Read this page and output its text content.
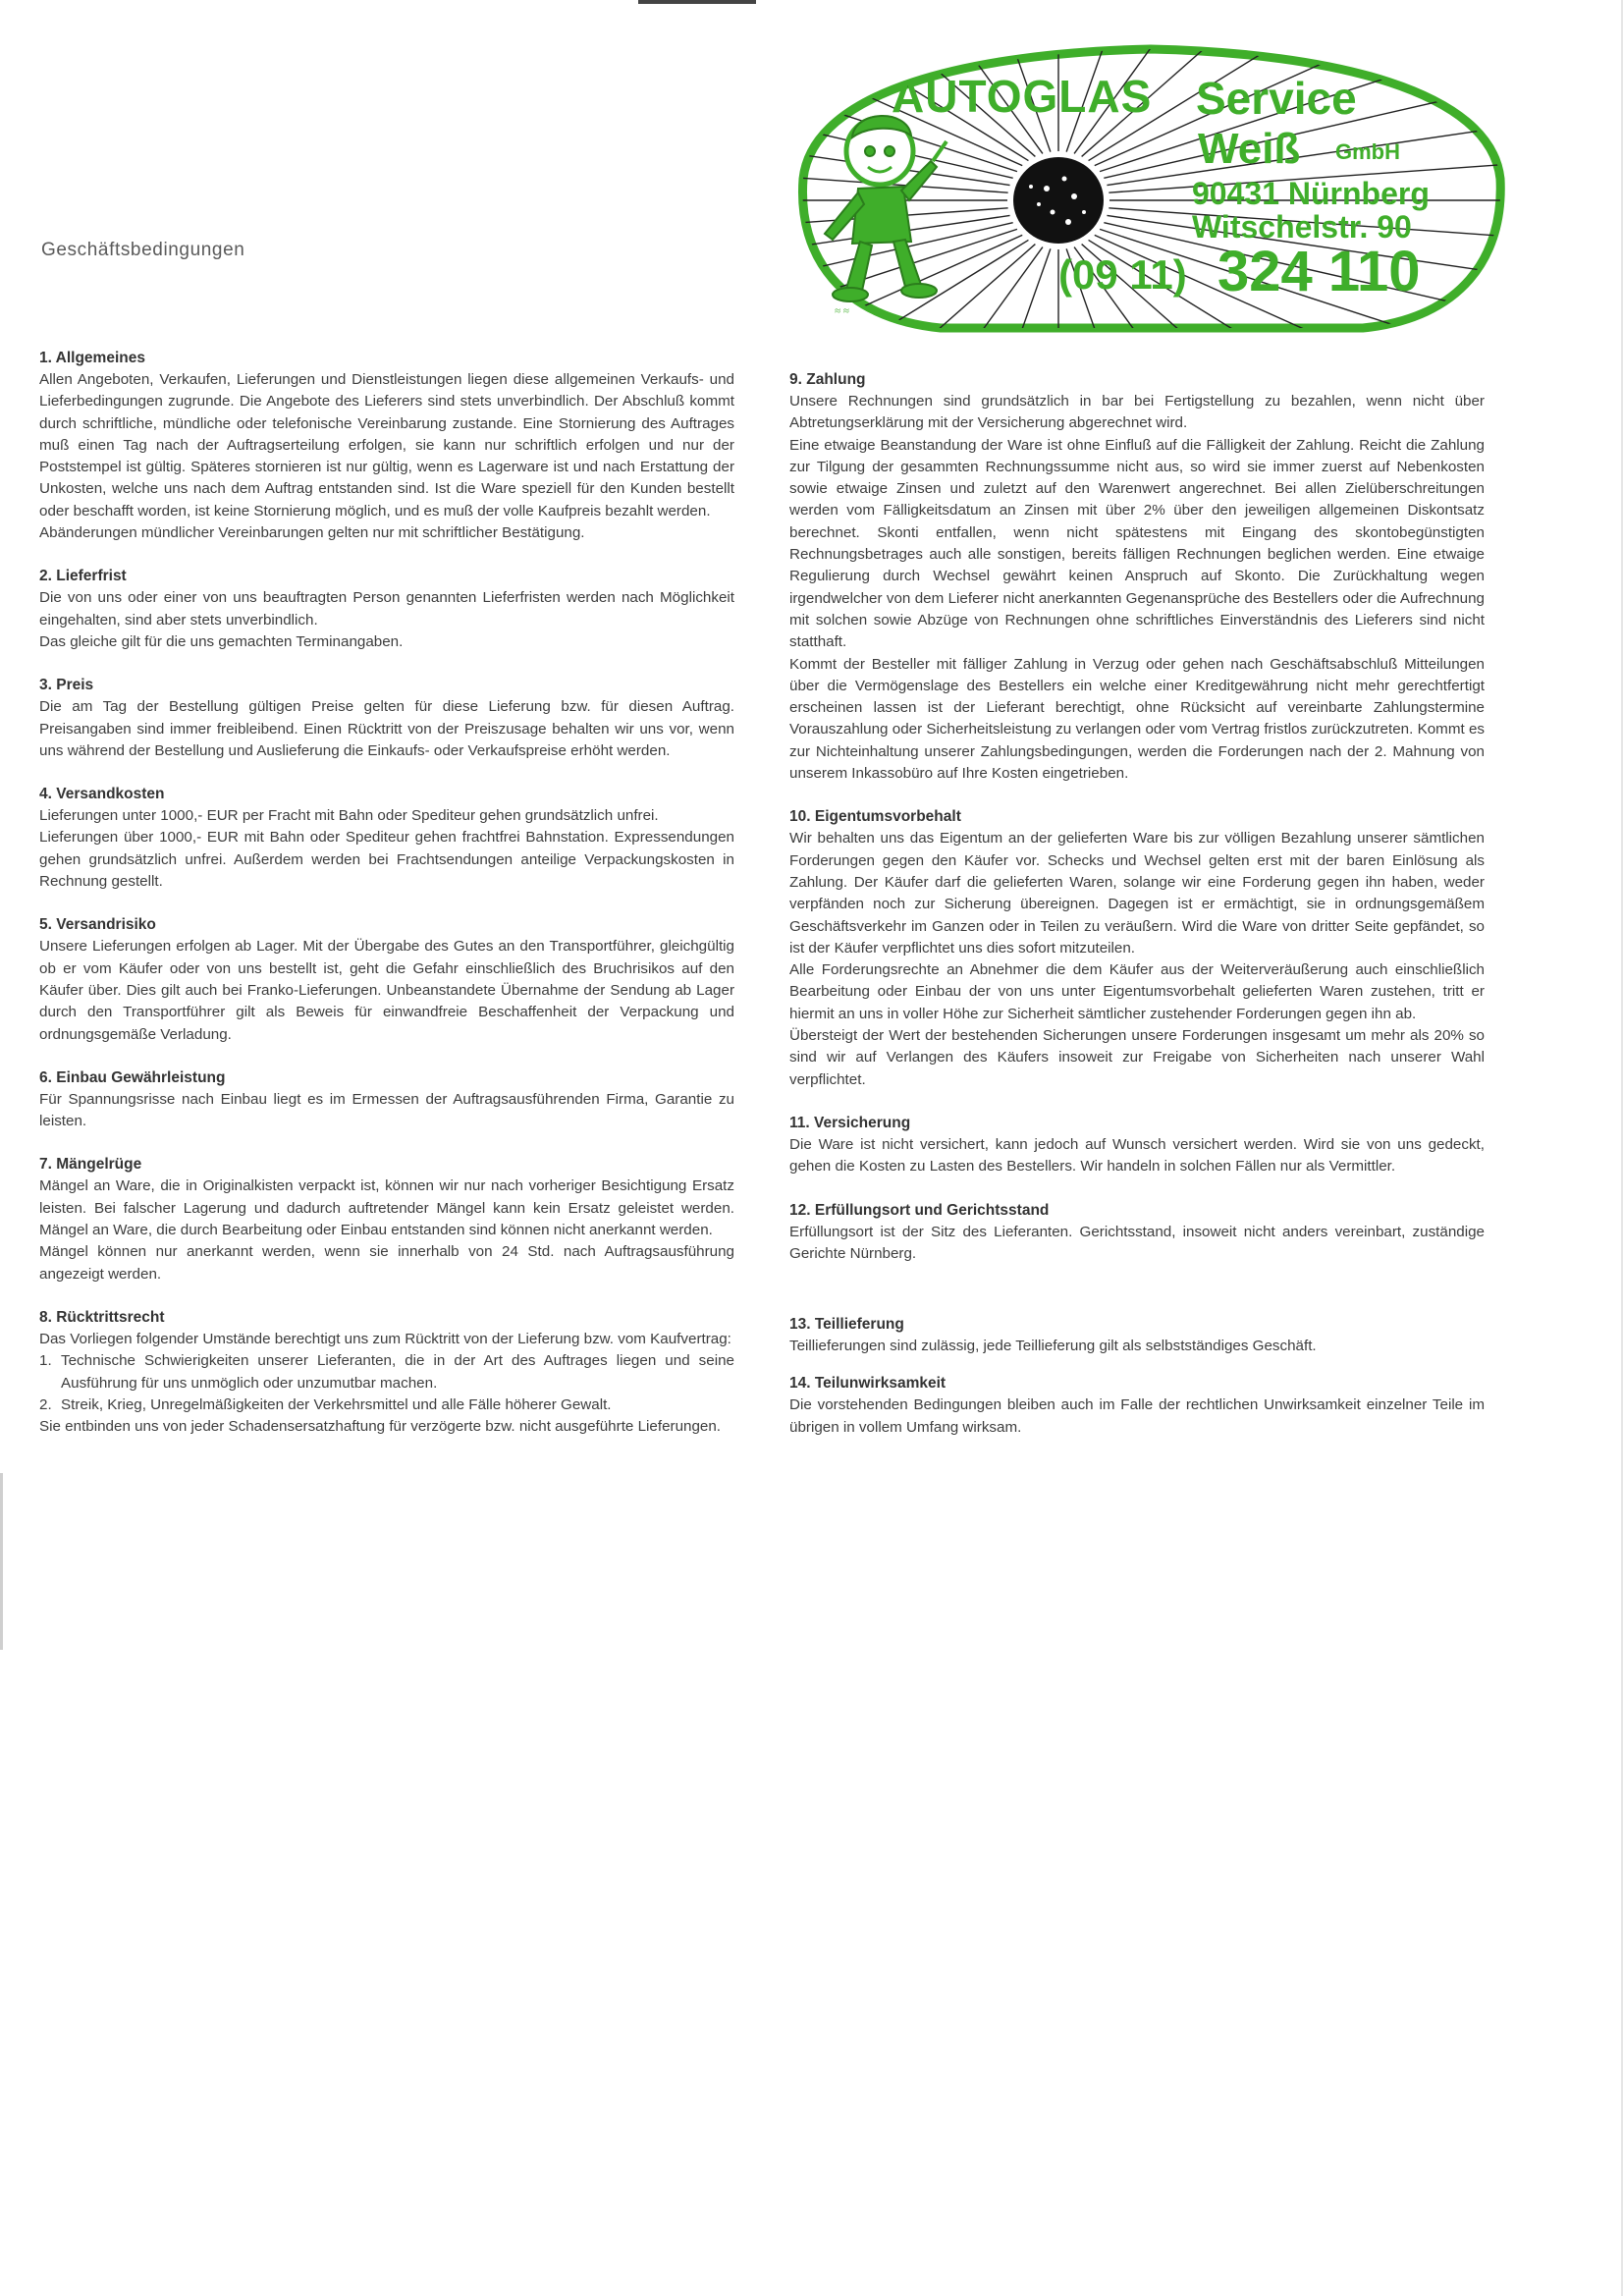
≈ ≈
AUTOGLAS Service
Weiß GmbH
90431 Nürnberg
Witschelstr. 90
(09 11) 324 110
Geschäftsbedingungen
1. Allgemeines
Allen Angeboten, Verkaufen, Lieferungen und Dienstleistungen liegen diese allgemeinen Verkaufs- und Lieferbedingungen zugrunde. Die Angebote des Lieferers sind stets unverbindlich. Der Abschluß kommt durch schriftliche, mündliche oder telefonische Vereinbarung zustande. Eine Stornierung des Auftrages muß einen Tag nach der Auftragserteilung erfolgen, sie kann nur schriftlich erfolgen und nur der Poststempel ist gültig. Späteres stornieren ist nur gültig, wenn es Lagerware ist und nach Erstattung der Unkosten, welche uns nach dem Auftrag entstanden sind. Ist die Ware speziell für den Kunden bestellt oder beschafft worden, ist keine Stornierung möglich, und es muß der volle Kaufpreis bezahlt werden.
Abänderungen mündlicher Vereinbarungen gelten nur mit schriftlicher Bestätigung.
2. Lieferfrist
Die von uns oder einer von uns beauftragten Person genannten Lieferfristen werden nach Möglichkeit eingehalten, sind aber stets unverbindlich.
Das gleiche gilt für die uns gemachten Terminangaben.
3. Preis
Die am Tag der Bestellung gültigen Preise gelten für diese Lieferung bzw. für diesen Auftrag. Preisangaben sind immer freibleibend. Einen Rücktritt von der Preiszusage behalten wir uns vor, wenn uns während der Bestellung und Auslieferung die Einkaufs- oder Verkaufspreise erhöht werden.
4. Versandkosten
Lieferungen unter 1000,- EUR per Fracht mit Bahn oder Spediteur gehen grundsätzlich unfrei.
Lieferungen über 1000,- EUR mit Bahn oder Spediteur gehen frachtfrei Bahnstation. Expressendungen gehen grundsätzlich unfrei. Außerdem werden bei Frachtsendungen anteilige Verpackungskosten in Rechnung gestellt.
5. Versandrisiko
Unsere Lieferungen erfolgen ab Lager. Mit der Übergabe des Gutes an den Transportführer, gleichgültig ob er vom Käufer oder von uns bestellt ist, geht die Gefahr einschließlich des Bruchrisikos auf den Käufer über. Dies gilt auch bei Franko-Lieferungen. Unbeanstandete Übernahme der Sendung ab Lager durch den Transportführer gilt als Beweis für einwandfreie Beschaffenheit der Verpackung und ordnungsgemäße Verladung.
6. Einbau Gewährleistung
Für Spannungsrisse nach Einbau liegt es im Ermessen der Auftragsausführenden Firma, Garantie zu leisten.
7. Mängelrüge
Mängel an Ware, die in Originalkisten verpackt ist, können wir nur nach vorheriger Besichtigung Ersatz leisten. Bei falscher Lagerung und dadurch auftretender Mängel kann kein Ersatz geleistet werden. Mängel an Ware, die durch Bearbeitung oder Einbau entstanden sind können nicht anerkannt werden.
Mängel können nur anerkannt werden, wenn sie innerhalb von 24 Std. nach Auftragsausführung angezeigt werden.
8. Rücktrittsrecht
Das Vorliegen folgender Umstände berechtigt uns zum Rücktritt von der Lieferung bzw. vom Kaufvertrag:
1. Technische Schwierigkeiten unserer Lieferanten, die in der Art des Auftrages liegen und seine Ausführung für uns unmöglich oder unzumutbar machen.
2. Streik, Krieg, Unregelmäßigkeiten der Verkehrsmittel und alle Fälle höherer Gewalt.
Sie entbinden uns von jeder Schadensersatzhaftung für verzögerte bzw. nicht ausgeführte Lieferungen.
9. Zahlung
Unsere Rechnungen sind grundsätzlich in bar bei Fertigstellung zu bezahlen, wenn nicht über Abtretungserklärung mit der Versicherung abgerechnet wird.
Eine etwaige Beanstandung der Ware ist ohne Einfluß auf die Fälligkeit der Zahlung. Reicht die Zahlung zur Tilgung der gesammten Rechnungssumme nicht aus, so wird sie immer zuerst auf Nebenkosten sowie etwaige Zinsen und zuletzt auf den Warenwert angerechnet. Bei allen Zielüberschreitungen werden vom Fälligkeitsdatum an Zinsen mit über 2% über den jeweiligen allgemeinen Diskontsatz berechnet. Skonti entfallen, wenn nicht spätestens mit Eingang des skontobegünstigten Rechnungsbetrages auch alle sonstigen, bereits fälligen Rechnungen beglichen werden. Eine etwaige Regulierung durch Wechsel gewährt keinen Anspruch auf Skonto. Die Zurückhaltung wegen irgendwelcher von dem Lieferer nicht anerkannten Gegenansprüche des Bestellers oder die Aufrechnung mit solchen sowie Abzüge von Rechnungen ohne schriftliches Einverständnis des Lieferers sind nicht statthaft.
Kommt der Besteller mit fälliger Zahlung in Verzug oder gehen nach Geschäftsabschluß Mitteilungen über die Vermögenslage des Bestellers ein welche einer Kreditgewährung nicht mehr gerechtfertigt erscheinen lassen ist der Lieferant berechtigt, ohne Rücksicht auf vereinbarte Zahlungstermine Vorauszahlung oder Sicherheitsleistung zu verlangen oder vom Vertrag fristlos zurückzutreten. Kommt es zur Nichteinhaltung unserer Zahlungsbedingungen, werden die Forderungen nach der 2. Mahnung von unserem Inkassobüro auf Ihre Kosten eingetrieben.
10. Eigentumsvorbehalt
Wir behalten uns das Eigentum an der gelieferten Ware bis zur völligen Bezahlung unserer sämtlichen Forderungen gegen den Käufer vor. Schecks und Wechsel gelten erst mit der baren Einlösung als Zahlung. Der Käufer darf die gelieferten Waren, solange wir eine Forderung gegen ihn haben, weder verpfänden noch zur Sicherung übereignen. Dagegen ist er ermächtigt, sie in ordnungsgemäßem Geschäftsverkehr im Ganzen oder in Teilen zu veräußern. Wird die Ware von dritter Seite gepfändet, so ist der Käufer verpflichtet uns dies sofort mitzuteilen.
Alle Forderungsrechte an Abnehmer die dem Käufer aus der Weiterveräußerung auch einschließlich Bearbeitung oder Einbau der von uns unter Eigentumsvorbehalt gelieferten Waren zustehen, tritt er hiermit an uns in voller Höhe zur Sicherheit sämtlicher zustehender Forderungen gegen ihn ab.
Übersteigt der Wert der bestehenden Sicherungen unsere Forderungen insgesamt um mehr als 20% so sind wir auf Verlangen des Käufers insoweit zur Freigabe von Sicherheiten nach unserer Wahl verpflichtet.
11. Versicherung
Die Ware ist nicht versichert, kann jedoch auf Wunsch versichert werden. Wird sie von uns gedeckt, gehen die Kosten zu Lasten des Bestellers. Wir handeln in solchen Fällen nur als Vermittler.
12. Erfüllungsort und Gerichtsstand
Erfüllungsort ist der Sitz des Lieferanten. Gerichtsstand, insoweit nicht anders vereinbart, zuständige Gerichte Nürnberg.
13. Teillieferung
Teillieferungen sind zulässig, jede Teillieferung gilt als selbstständiges Geschäft.
14. Teilunwirksamkeit
Die vorstehenden Bedingungen bleiben auch im Falle der rechtlichen Unwirksamkeit einzelner Teile im übrigen in vollem Umfang wirksam.
